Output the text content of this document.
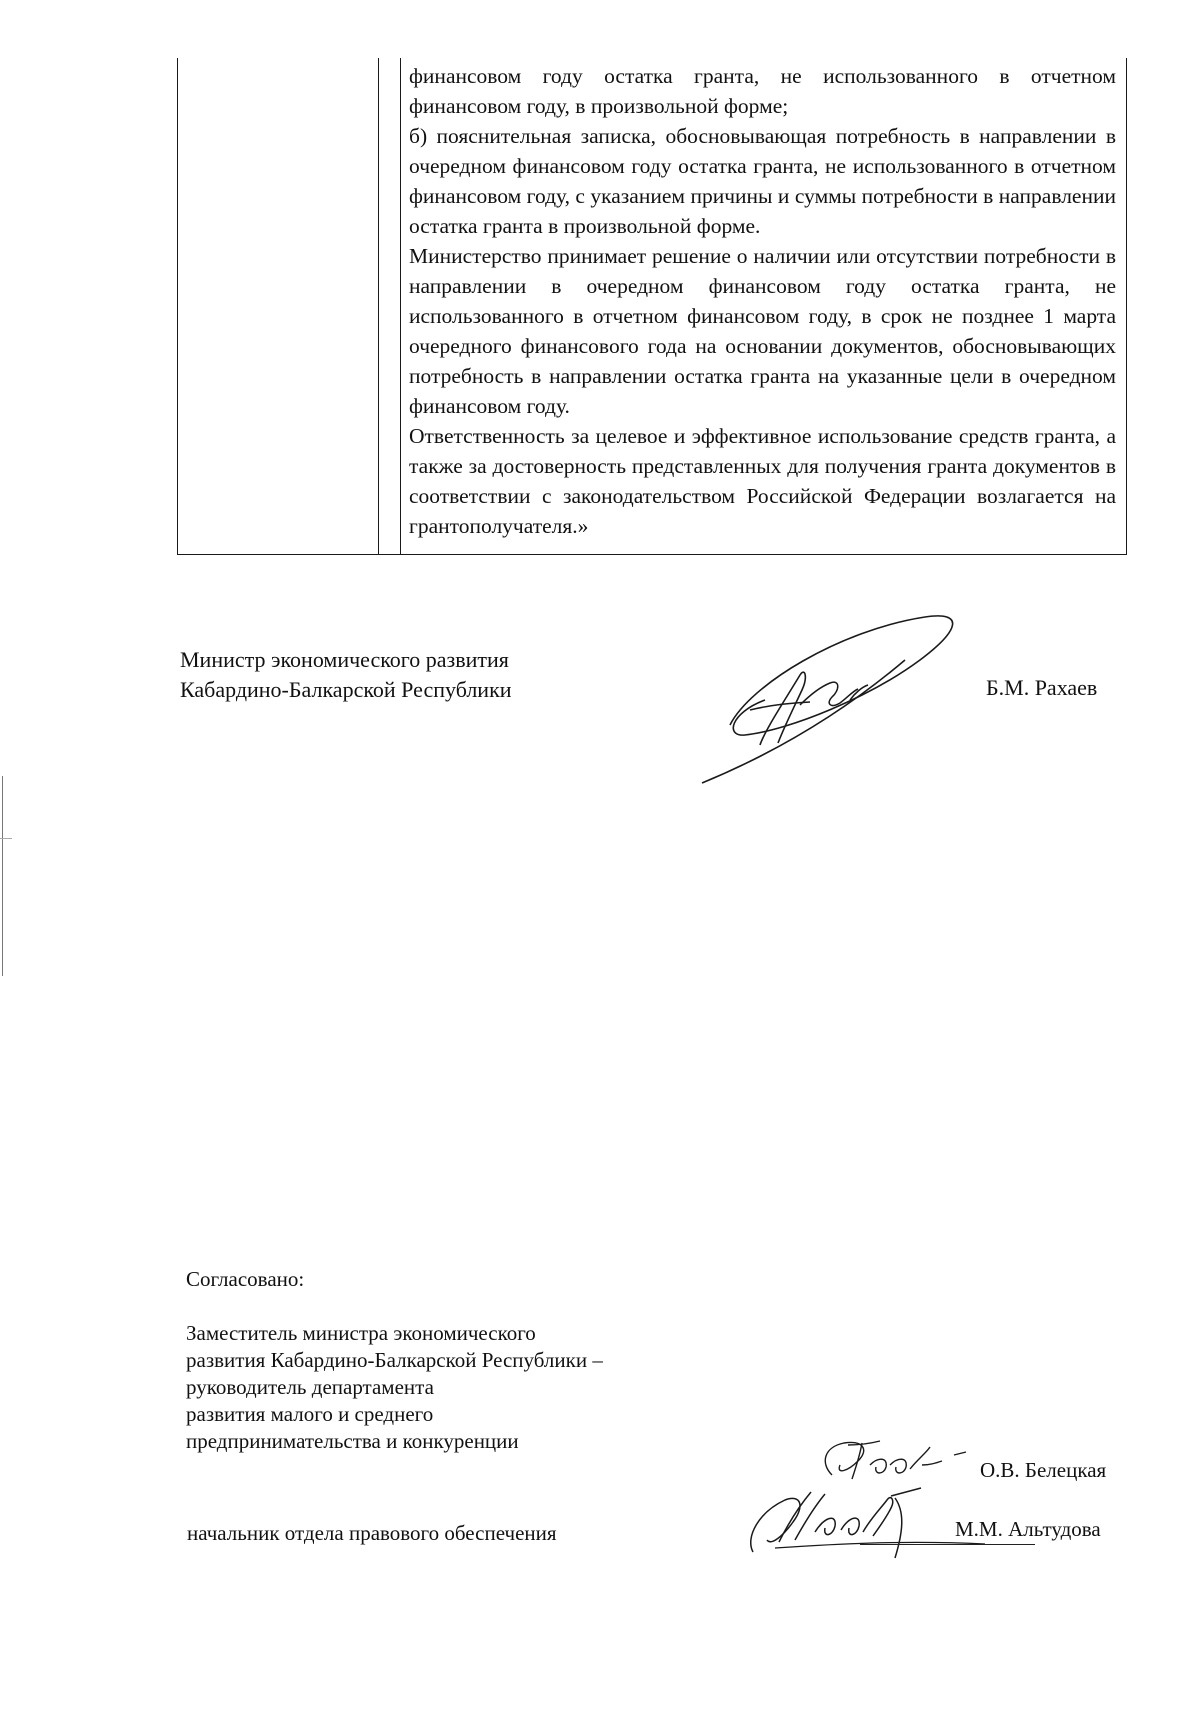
финансовом году остатка гранта, не использованного в отчетном финансовом году, в произвольной форме;

б) пояснительная записка, обосновывающая потребность в направлении в очередном финансовом году остатка гранта, не использованного в отчетном финансовом году, с указанием причины и суммы потребности в направлении остатка гранта в произвольной форме.

Министерство принимает решение о наличии или отсутствии потребности в направлении в очередном финансовом году остатка гранта, не использованного в отчетном финансовом году, в срок не позднее 1 марта очередного финансового года на основании документов, обосновывающих потребность в направлении остатка гранта на указанные цели в очередном финансовом году.

Ответственность за целевое и эффективное использование средств гранта, а также за достоверность представленных для получения гранта документов в соответствии с законодательством Российской Федерации возлагается на грантополучателя.»

Министр экономического развития
Кабардино-Балкарской Республики	Б.М. Рахаев
Согласовано:
Заместитель министра экономического
развития Кабардино-Балкарской Республики –
руководитель департамента
развития малого и среднего
предпринимательства и конкуренции
О.В. Белецкая
начальник отдела правового обеспечения	М.М. Альтудова
